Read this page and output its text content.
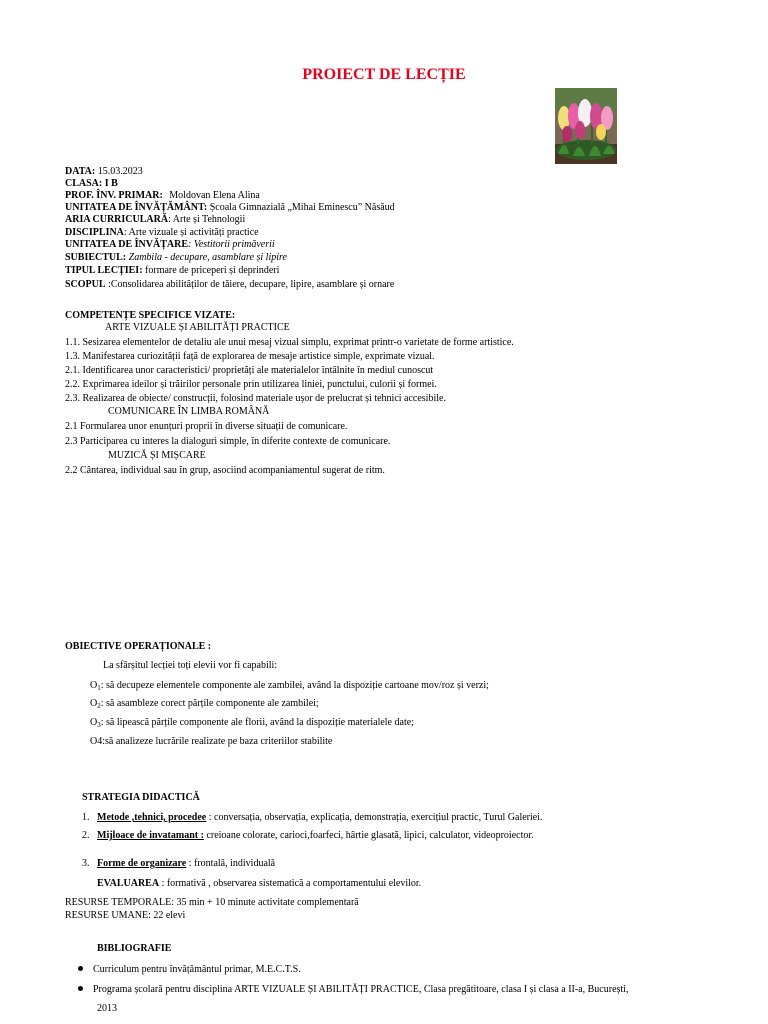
PROIECT DE LECȚIE
DATA: 15.03.2023
CLASA: I B
PROF. ÎNV. PRIMAR: Moldovan Elena Alina
UNITATEA DE ÎNVĂȚĂMÂNT: Școala Gimnazială „Mihai Eminescu” Năsăud
ARIA CURRICULARĂ: Arte și Tehnologii
DISCIPLINA: Arte vizuale și activități practice
UNITATEA DE ÎNVĂȚARE: Vestitorii primăverii
SUBIECTUL: Zambila - decupare, asamblare și lipire
TIPUL LECȚIEI: formare de priceperi și deprinderi
SCOPUL :Consolidarea abilităților de tăiere, decupare, lipire, asamblare și ornare
COMPETENȚE SPECIFICE VIZATE:
ARTE VIZUALE ȘI ABILITĂȚI PRACTICE
1.1. Sesizarea elementelor de detaliu ale unui mesaj vizual simplu, exprimat printr-o varietate de forme artistice.
1.3. Manifestarea curiozității față de explorarea de mesaje artistice simple, exprimate vizual.
2.1. Identificarea unor caracteristici/ proprietăți ale materialelor întâlnite în mediul cunoscut
2.2. Exprimarea ideilor și trăirilor personale prin utilizarea liniei, punctului, culorii și formei.
2.3. Realizarea de obiecte/ construcții, folosind materiale ușor de prelucrat și tehnici accesibile.
COMUNICARE ÎN LIMBA ROMÂNĂ
2.1 Formularea unor enunțuri proprii în diverse situații de comunicare.
2.3 Participarea cu interes la dialoguri simple, în diferite contexte de comunicare.
MUZICĂ ȘI MIȘCARE
2.2 Cântarea, individual sau în grup, asociind acompaniamentul sugerat de ritm.
OBIECTIVE OPERAȚIONALE :
La sfârșitul lecției toți elevii vor fi capabili:
$O_1$: să decupeze elementele componente ale zambilei, având la dispoziție cartoane mov/roz și verzi;
$O_2$: să asambleze corect părțile componente ale zambilei;
$O_3$: să lipească părțile componente ale florii, având la dispoziție materialele date;
O4:să analizeze lucrările realizate pe baza criteriilor stabilite
STRATEGIA DIDACTICĂ
1. Metode ,tehnici, procedee : conversația, observația, explicația, demonstrația, exercițiul practic, Turul Galeriei.
2. Mijloace de invatamant : creioane colorate, carioci,foarfeci, hârtie glasată, lipici, calculator, videoproiector.
3. Forme de organizare : frontală, individuală
EVALUAREA : formativă , observarea sistematică a comportamentului elevilor.
RESURSE TEMPORALE: 35 min + 10 minute activitate complementară
RESURSE UMANE: 22 elevi
BIBLIOGRAFIE
Curriculum pentru învățământul primar, M.E.C.T.S.
Programa școlară pentru disciplina ARTE VIZUALE ȘI ABILITĂȚI PRACTICE, Clasa pregătitoare, clasa I și clasa a II-a, București,
2013
